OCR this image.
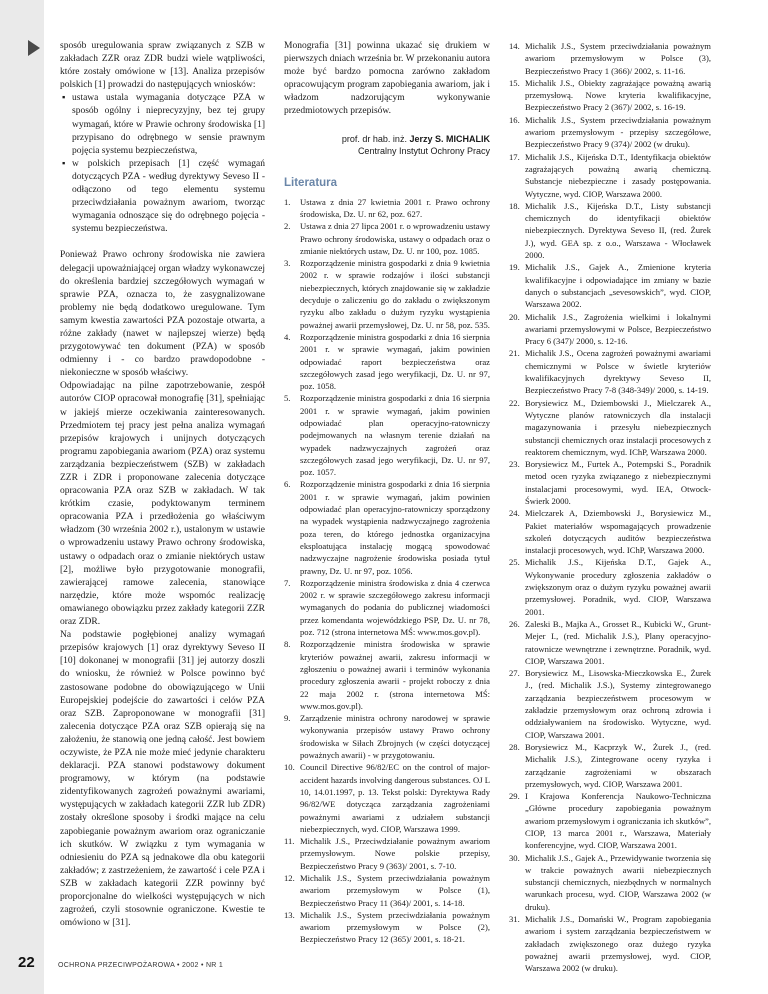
22	OCHRONA PRZECIWPOŻAROWA • 2002 • NR 1

sposób uregulowania spraw związanych z SZB w zakładach ZZR oraz ZDR budzi wiele wątpliwości, które zostały omówione w [13]. Analiza przepisów polskich [1] prowadzi do następujących wniosków:

▪ ustawa ustala wymagania dotyczące PZA w sposób ogólny i nieprecyzyjny, bez tej grupy wymagań, które w Prawie ochrony środowiska [1] przypisano do odrębnego w sensie prawnym pojęcia systemu bezpieczeństwa,
▪ w polskich przepisach [1] część wymagań dotyczących PZA - według dyrektywy Seveso II - odłączono od tego elementu systemu przeciwdziałania poważnym awariom, tworząc wymagania odnoszące się do odrębnego pojęcia - systemu bezpieczeństwa.

Ponieważ Prawo ochrony środowiska nie zawiera delegacji upoważniającej organ władzy wykonawczej do określenia bardziej szczegółowych wymagań w sprawie PZA, oznacza to, że zasygnalizowane problemy nie będą dodatkowo uregulowane. Tym samym kwestia zawartości PZA pozostaje otwarta, a różne zakłady (nawet w najlepszej wierze) będą przygotowywać ten dokument (PZA) w sposób odmienny i - co bardzo prawdopodobne - niekonieczne w sposób właściwy.

Odpowiadając na pilne zapotrzebowanie, zespół autorów CIOP opracował monografię [31], spełniając w jakiejś mierze oczekiwania zainteresowanych. Przedmiotem tej pracy jest pełna analiza wymagań przepisów krajowych i unijnych dotyczących programu zapobiegania awariom (PZA) oraz systemu zarządzania bezpieczeństwem (SZB) w zakładach ZZR i ZDR i proponowane zalecenia dotyczące opracowania PZA oraz SZB w zakładach. W tak krótkim czasie, podyktowanym terminem opracowania PZA i przedłożenia go właściwym władzom (30 września 2002 r.), ustalonym w ustawie o wprowadzeniu ustawy Prawo ochrony środowiska, ustawy o odpadach oraz o zmianie niektórych ustaw [2], możliwe było przygotowanie monografii, zawierającej ramowe zalecenia, stanowiące narzędzie, które może wspomóc realizację omawianego obowiązku przez zakłady kategorii ZZR oraz ZDR.

Na podstawie pogłębionej analizy wymagań przepisów krajowych [1] oraz dyrektywy Seveso II [10] dokonanej w monografii [31] jej autorzy doszli do wniosku, że również w Polsce powinno być zastosowane podobne do obowiązującego w Unii Europejskiej podejście do zawartości i celów PZA oraz SZB. Zaproponowane w monografii [31] zalecenia dotyczące PZA oraz SZB opierają się na założeniu, że stanowią one jedną całość. Jest bowiem oczywiste, że PZA nie może mieć jedynie charakteru deklaracji. PZA stanowi podstawowy dokument programowy, w którym (na podstawie zidentyfikowanych zagrożeń poważnymi awariami, występujących w zakładach kategorii ZZR lub ZDR) zostały określone sposoby i środki mające na celu zapobieganie poważnym awariom oraz ograniczanie ich skutków. W związku z tym wymagania w odniesieniu do PZA są jednakowe dla obu kategorii zakładów; z zastrzeżeniem, że zawartość i cele PZA i SZB w zakładach kategorii ZZR powinny być proporcjonalne do wielkości występujących w nich zagrożeń, czyli stosownie ograniczone. Kwestie te omówiono w [31].

Monografia [31] powinna ukazać się drukiem w pierwszych dniach września br. W przekonaniu autora może być bardzo pomocna zarówno zakładom opracowującym program zapobiegania awariom, jak i władzom nadzorującym wykonywanie przedmiotowych przepisów.

prof. dr hab. inż. Jerzy S. MICHALIK
Centralny Instytut Ochrony Pracy
Literatura
1. Ustawa z dnia 27 kwietnia 2001 r. Prawo ochrony środowiska, Dz. U. nr 62, poz. 627.
2. Ustawa z dnia 27 lipca 2001 r. o wprowadzeniu ustawy Prawo ochrony środowiska, ustawy o odpadach oraz o zmianie niektórych ustaw, Dz. U. nr 100, poz. 1085.
3. Rozporządzenie ministra gospodarki z dnia 9 kwietnia 2002 r. w sprawie rodzajów i ilości substancji niebezpiecznych, których znajdowanie się w zakładzie decyduje o zaliczeniu go do zakładu o zwiększonym ryzyku albo zakładu o dużym ryzyku wystąpienia poważnej awarii przemysłowej, Dz. U. nr 58, poz. 535.
4. Rozporządzenie ministra gospodarki z dnia 16 sierpnia 2001 r. w sprawie wymagań, jakim powinien odpowiadać raport bezpieczeństwa oraz szczegółowych zasad jego weryfikacji, Dz. U. nr 97, poz. 1058.
5. Rozporządzenie ministra gospodarki z dnia 16 sierpnia 2001 r. w sprawie wymagań, jakim powinien odpowiadać plan operacyjno-ratowniczy podejmowanych na własnym terenie działań na wypadek nadzwyczajnych zagrożeń oraz szczegółowych zasad jego weryfikacji, Dz. U. nr 97, poz. 1057.
6. Rozporządzenie ministra gospodarki z dnia 16 sierpnia 2001 r. w sprawie wymagań, jakim powinien odpowiadać plan operacyjno-ratowniczy sporządzony na wypadek wystąpienia nadzwyczajnego zagrożenia poza teren, do którego jednostka organizacyjna eksploatująca instalację mogącą spowodować nadzwyczajne nagrożenie środowiska posiada tytuł prawny, Dz. U. nr 97, poz. 1056.
7. Rozporządzenie ministra środowiska z dnia 4 czerwca 2002 r. w sprawie szczegółowego zakresu informacji wymaganych do podania do publicznej wiadomości przez komendanta wojewódzkiego PSP, Dz. U. nr 78, poz. 712 (strona internetowa MŚ: www.mos.gov.pl).
8. Rozporządzenie ministra środowiska w sprawie kryteriów poważnej awarii, zakresu informacji w zgłoszeniu o poważnej awarii i terminów wykonania procedury zgłoszenia awarii - projekt roboczy z dnia 22 maja 2002 r. (strona internetowa MŚ: www.mos.gov.pl).
9. Zarządzenie ministra ochrony narodowej w sprawie wykonywania przepisów ustawy Prawo ochrony środowiska w Siłach Zbrojnych (w części dotyczącej poważnych awarii) - w przygotowaniu.
10. Council Directive 96/82/EC on the control of major-accident hazards involving dangerous substances. OJ L 10, 14.01.1997, p. 13. Tekst polski: Dyrektywa Rady 96/82/WE dotycząca zarządzania zagrożeniami poważnymi awariami z udziałem substancji niebezpiecznych, wyd. CIOP, Warszawa 1999.
11. Michalik J.S., Przeciwdziałanie poważnym awariom przemysłowym. Nowe polskie przepisy, Bezpieczeństwo Pracy 9 (363)/ 2001, s. 7-10.
12. Michalik J.S., System przeciwdziałania poważnym awariom przemysłowym w Polsce (1), Bezpieczeństwo Pracy 11 (364)/ 2001, s. 14-18.
13. Michalik J.S., System przeciwdziałania poważnym awariom przemysłowym w Polsce (2), Bezpieczeństwo Pracy 12 (365)/ 2001, s. 18-21.
14. Michalik J.S., System przeciwdziałania poważnym awariom przemysłowym w Polsce (3), Bezpieczeństwo Pracy 1 (366)/ 2002, s. 11-16.
15. Michalik J.S., Obiekty zagrażające poważną awarią przemysłową. Nowe kryteria kwalifikacyjne, Bezpieczeństwo Pracy 2 (367)/ 2002, s. 16-19.
16. Michalik J.S., System przeciwdziałania poważnym awariom przemysłowym - przepisy szczegółowe, Bezpieczeństwo Pracy 9 (374)/ 2002 (w druku).
17. Michalik J.S., Kijeńska D.T., Identyfikacja obiektów zagrażających poważną awarią chemiczną. Substancje niebezpieczne i zasady postępowania. Wytyczne, wyd. CIOP, Warszawa 2000.
18. Michalik J.S., Kijeńska D.T., Listy substancji chemicznych do identyfikacji obiektów niebezpiecznych. Dyrektywa Seveso II, (red. Żurek J.), wyd. GEA sp. z o.o., Warszawa - Włocławek 2000.
19. Michalik J.S., Gajek A., Zmienione kryteria kwalifikacyjne i odpowiadające im zmiany w bazie danych o substancjach „sevesowskich”, wyd. CIOP, Warszawa 2002.
20. Michalik J.S., Zagrożenia wielkimi i lokalnymi awariami przemysłowymi w Polsce, Bezpieczeństwo Pracy 6 (347)/ 2000, s. 12-16.
21. Michalik J.S., Ocena zagrożeń poważnymi awariami chemicznymi w Polsce w świetle kryteriów kwalifikacyjnych dyrektywy Seveso II, Bezpieczeństwo Pracy 7-8 (348-349)/ 2000, s. 14-19.
22. Borysiewicz M., Dziembowski J., Mielczarek A., Wytyczne planów ratowniczych dla instalacji magazynowania i przesyłu niebezpiecznych substancji chemicznych oraz instalacji procesowych z reaktorem chemicznym, wyd. IChP, Warszawa 2000.
23. Borysiewicz M., Furtek A., Potempski S., Poradnik metod ocen ryzyka związanego z niebezpiecznymi instalacjami procesowymi, wyd. IEA, Otwock-Świerk 2000.
24. Mielczarek A, Dziembowski J., Borysiewicz M., Pakiet materiałów wspomagających prowadzenie szkoleń dotyczących auditów bezpieczeństwa instalacji procesowych, wyd. IChP, Warszawa 2000.
25. Michalik J.S., Kijeńska D.T., Gajek A., Wykonywanie procedury zgłoszenia zakładów o zwiększonym oraz o dużym ryzyku poważnej awarii przemysłowej. Poradnik, wyd. CIOP, Warszawa 2001.
26. Zaleski B., Majka A., Grosset R., Kubicki W., Grunt-Mejer I., (red. Michalik J.S.), Plany operacyjno-ratownicze wewnętrzne i zewnętrzne. Poradnik, wyd. CIOP, Warszawa 2001.
27. Borysiewicz M., Lisowska-Mieczkowska E., Żurek J., (red. Michalik J.S.), Systemy zintegrowanego zarządzania bezpieczeństwem procesowym w zakładzie przemysłowym oraz ochroną zdrowia i oddziaływaniem na środowisko. Wytyczne, wyd. CIOP, Warszawa 2001.
28. Borysiewicz M., Kacprzyk W., Żurek J., (red. Michalik J.S.), Zintegrowane oceny ryzyka i zarządzanie zagrożeniami w obszarach przemysłowych, wyd. CIOP, Warszawa 2001.
29. I Krajowa Konferencja Naukowo-Techniczna „Główne procedury zapobiegania poważnym awariom przemysłowym i ograniczania ich skutków”, CIOP, 13 marca 2001 r., Warszawa, Materiały konferencyjne, wyd. CIOP, Warszawa 2001.
30. Michalik J.S., Gajek A., Przewidywanie tworzenia się w trakcie poważnych awarii niebezpiecznych substancji chemicznych, niezbędnych w normalnych warunkach procesu, wyd. CIOP, Warszawa 2002 (w druku).
31. Michalik J.S., Domański W., Program zapobiegania awariom i system zarządzania bezpieczeństwem w zakładach zwiększonego oraz dużego ryzyka poważnej awarii przemysłowej, wyd. CIOP, Warszawa 2002 (w druku).
